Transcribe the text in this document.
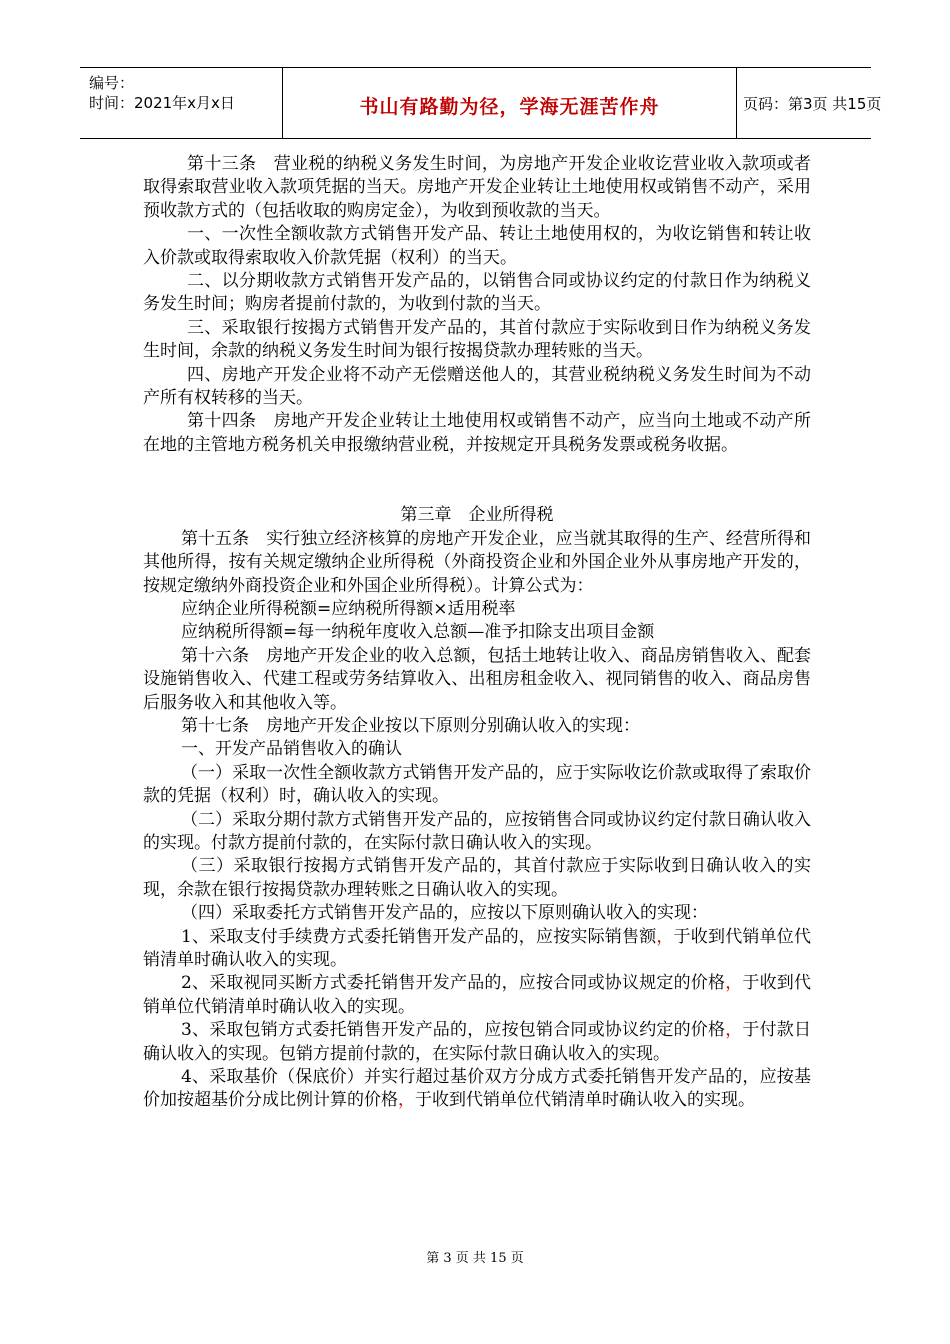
编号：
时间：2021年x月x日	书山有路勤为径，学海无涯苦作舟	页码：第3页 共15页

第十三条　营业税的纳税义务发生时间，为房地产开发企业收讫营业收入款项或者取得索取营业收入款项凭据的当天。房地产开发企业转让土地使用权或销售不动产，采用预收款方式的（包括收取的购房定金），为收到预收款的当天。

一、一次性全额收款方式销售开发产品、转让土地使用权的，为收讫销售和转让收入价款或取得索取收入价款凭据（权利）的当天。

二、以分期收款方式销售开发产品的，以销售合同或协议约定的付款日作为纳税义务发生时间；购房者提前付款的，为收到付款的当天。

三、采取银行按揭方式销售开发产品的，其首付款应于实际收到日作为纳税义务发生时间，余款的纳税义务发生时间为银行按揭贷款办理转账的当天。

四、房地产开发企业将不动产无偿赠送他人的，其营业税纳税义务发生时间为不动产所有权转移的当天。

第十四条　房地产开发企业转让土地使用权或销售不动产，应当向土地或不动产所在地的主管地方税务机关申报缴纳营业税，并按规定开具税务发票或税务收据。

第三章　企业所得税

第十五条　实行独立经济核算的房地产开发企业，应当就其取得的生产、经营所得和其他所得，按有关规定缴纳企业所得税（外商投资企业和外国企业外从事房地产开发的，按规定缴纳外商投资企业和外国企业所得税）。计算公式为：

应纳企业所得税额=应纳税所得额×适用税率

应纳税所得额=每一纳税年度收入总额—准予扣除支出项目金额

第十六条　房地产开发企业的收入总额，包括土地转让收入、商品房销售收入、配套设施销售收入、代建工程或劳务结算收入、出租房租金收入、视同销售的收入、商品房售后服务收入和其他收入等。

第十七条　房地产开发企业按以下原则分别确认收入的实现：

一、开发产品销售收入的确认

（一）采取一次性全额收款方式销售开发产品的，应于实际收讫价款或取得了索取价款的凭据（权利）时，确认收入的实现。

（二）采取分期付款方式销售开发产品的，应按销售合同或协议约定付款日确认收入的实现。付款方提前付款的，在实际付款日确认收入的实现。

（三）采取银行按揭方式销售开发产品的，其首付款应于实际收到日确认收入的实现，余款在银行按揭贷款办理转账之日确认收入的实现。

（四）采取委托方式销售开发产品的，应按以下原则确认收入的实现：

1、采取支付手续费方式委托销售开发产品的，应按实际销售额，于收到代销单位代销清单时确认收入的实现。

2、采取视同买断方式委托销售开发产品的，应按合同或协议规定的价格，于收到代销单位代销清单时确认收入的实现。

3、采取包销方式委托销售开发产品的，应按包销合同或协议约定的价格，于付款日确认收入的实现。包销方提前付款的，在实际付款日确认收入的实现。

4、采取基价（保底价）并实行超过基价双方分成方式委托销售开发产品的，应按基价加按超基价分成比例计算的价格，于收到代销单位代销清单时确认收入的实现。

第 3 页 共 15 页
